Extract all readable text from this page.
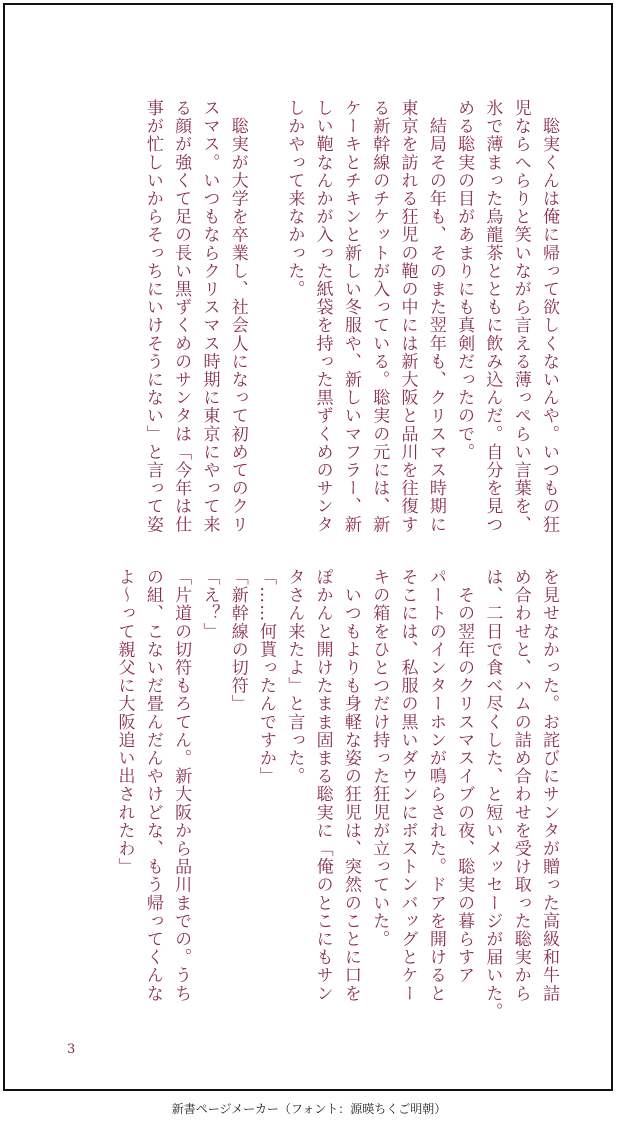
　聡実くんは俺に帰って欲しくないんや。いつもの狂
児ならへらりと笑いながら言える薄っぺらい言葉を、
氷で薄まった烏龍茶とともに飲み込んだ。自分を見つ
める聡実の目があまりにも真剣だったので。
　結局その年も、そのまた翌年も、クリスマス時期に
東京を訪れる狂児の鞄の中には新大阪と品川を往復す
る新幹線のチケットが入っている。聡実の元には、新
ケーキとチキンと新しい冬服や、新しいマフラー、新
しい鞄なんかが入った紙袋を持った黒ずくめのサンタ
しかやって来なかった。
　聡実が大学を卒業し、社会人になって初めてのクリ
スマス。いつもならクリスマス時期に東京にやって来
る顔が強くて足の長い黒ずくめのサンタは「今年は仕
事が忙しいからそっちにいけそうにない」と言って姿
を見せなかった。お詫びにサンタが贈った高級和牛詰
め合わせと、ハムの詰め合わせを受け取った聡実から
は、二日で食べ尽くした、と短いメッセージが届いた。
　その翌年のクリスマスイブの夜、聡実の暮らすア
パートのインターホンが鳴らされた。ドアを開けると
そこには、私服の黒いダウンにボストンバッグとケー
キの箱をひとつだけ持った狂児が立っていた。
　いつもよりも身軽な姿の狂児は、突然のことに口を
ぽかんと開けたまま固まる聡実に「俺のとこにもサン
タさん来たよ」と言った。
「……何貰ったんですか」
「新幹線の切符」
「え？」
「片道の切符もろてん。新大阪から品川までの。うち
の組、こないだ畳んだんやけどな、もう帰ってくんな
よ〜って親父に大阪追い出されたわ」
3
新書ページメーカー（フォント：源暎ちくご明朝）
